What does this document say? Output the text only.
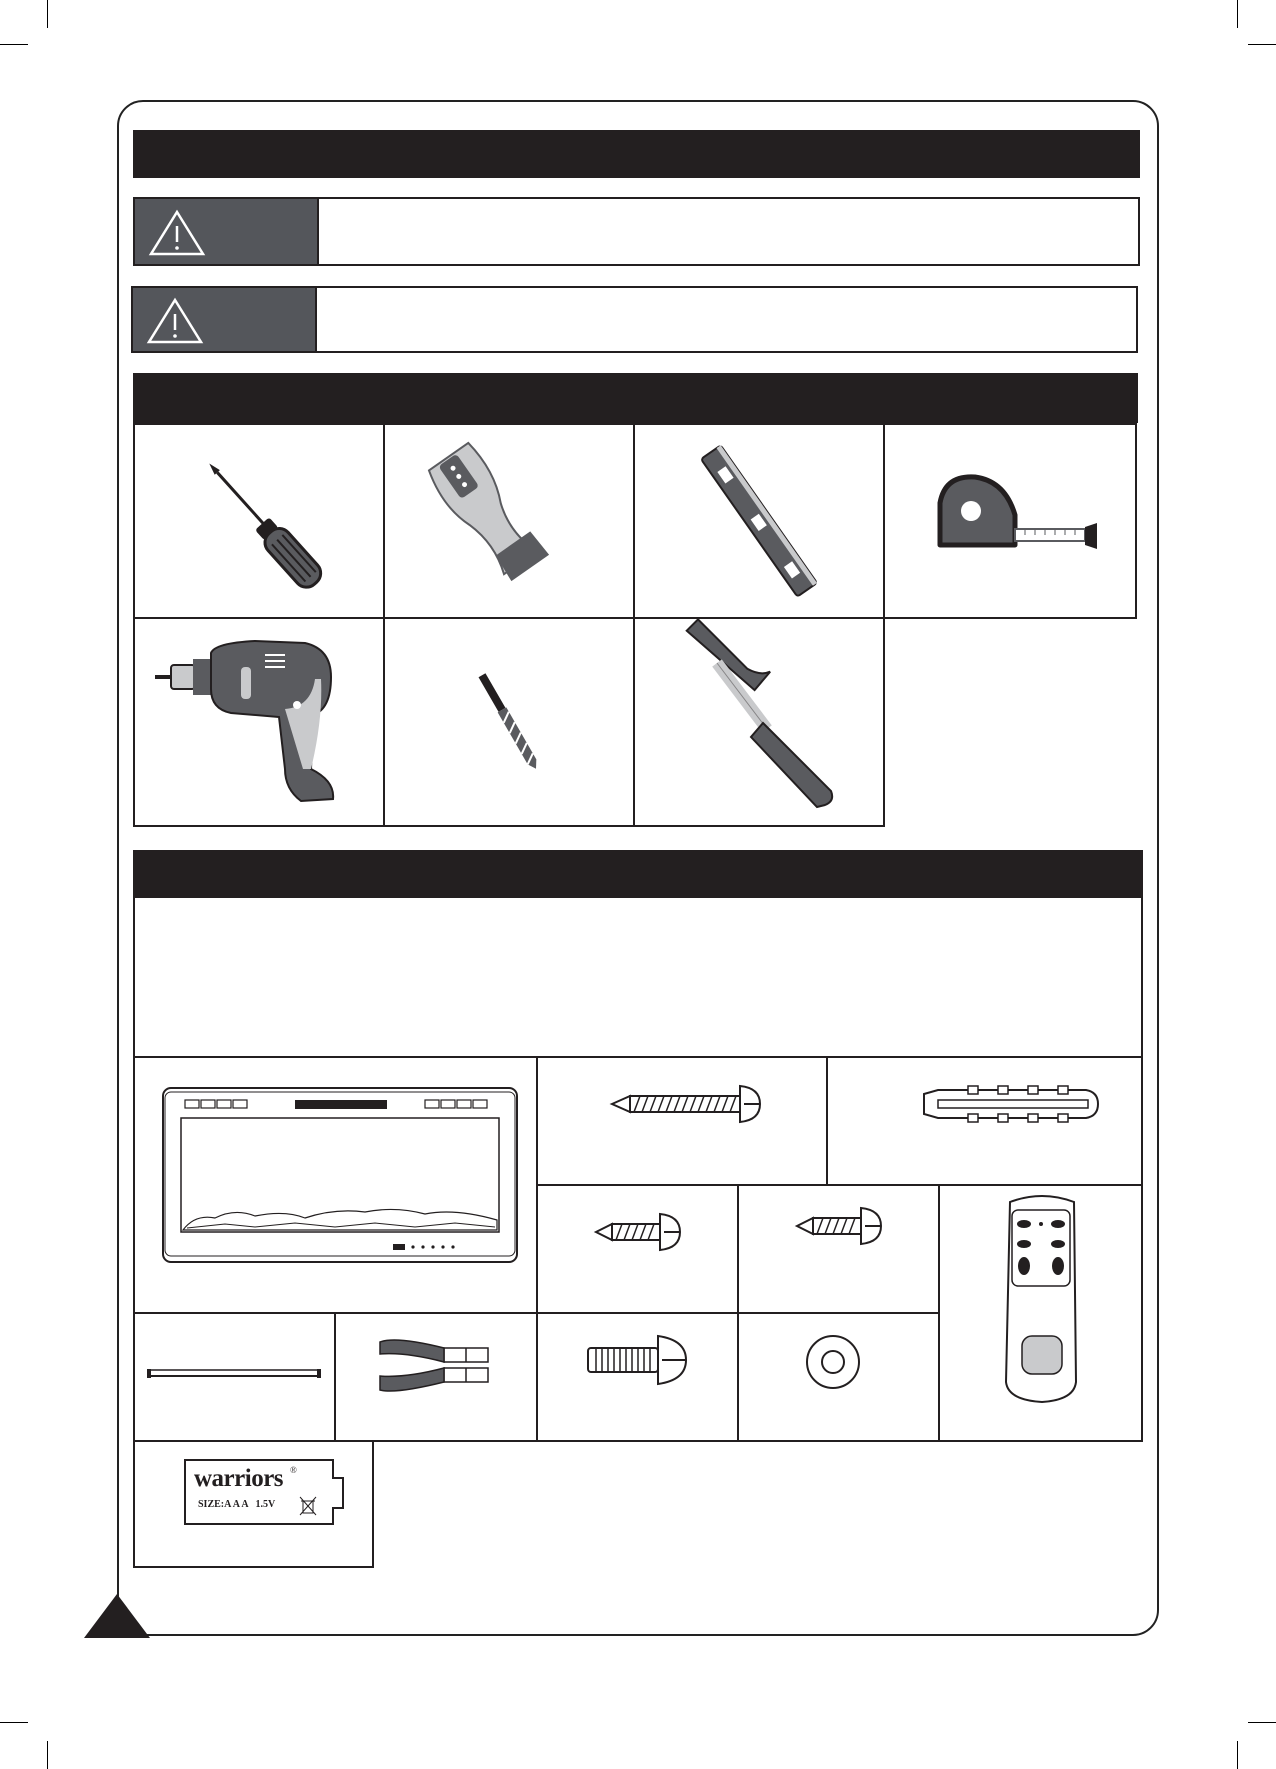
warriors ®
SIZE:A A A   1.5V
